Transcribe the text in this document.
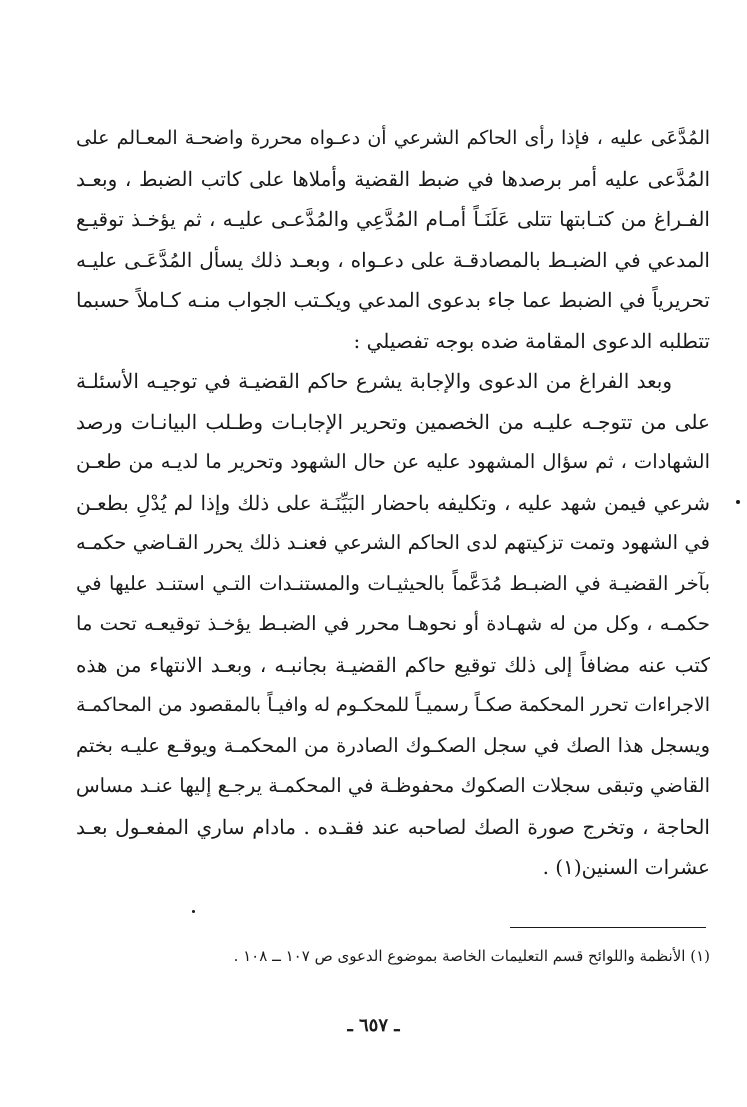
المُدَّعَى عليه ، فإذا رأى الحاكم الشرعي أن دعـواه محررة واضحـة المعـالم على
المُدَّعى عليه أمر برصدها في ضبط القضية وأملاها على كاتب الضبط ، وبعـد
الفـراغ من كتـابتها تتلى عَلَنَـاً أمـام المُدَّعِي والمُدَّعـى عليـه ، ثم يؤخـذ توقيـع
المدعي في الضبـط بالمصادقـة على دعـواه ، وبعـد ذلك يسأل المُدَّعَـى عليـه
تحريرياً في الضبط عما جاء بدعوى المدعي ويكـتب الجواب منـه كـاملاً حسبما
تتطلبه الدعوى المقامة ضده بوجه تفصيلي :
وبعد الفراغ من الدعوى والإجابة يشرع حاكم القضيـة في توجيـه الأسئلـة
على من تتوجـه عليـه من الخصمين وتحرير الإجابـات وطـلب البيانـات ورصد
الشهادات ، ثم سؤال المشهود عليه عن حال الشهود وتحرير ما لديـه من طعـن
شرعي فيمن شهد عليه ، وتكليفه باحضار البَيِّنَـة على ذلك وإذا لم يُدْلِ بطعـن
في الشهود وتمت تزكيتهم لدى الحاكم الشرعي فعنـد ذلك يحرر القـاضي حكمـه
بآخر القضيـة في الضبـط مُدَعَّماً بالحيثيـات والمستنـدات التـي استنـد عليها في
حكمـه ، وكل من له شهـادة أو نحوهـا محرر في الضبـط يؤخـذ توقيعـه تحت ما
كتب عنه مضافاً إلى ذلك توقيع حاكم القضيـة بجانبـه ، وبعـد الانتهاء من هذه
الاجراءات تحرر المحكمة صكـاً رسميـاً للمحكـوم له وافيـاً بالمقصود من المحاكمـة
ويسجل هذا الصك في سجل الصكـوك الصادرة من المحكمـة ويوقـع عليـه بختم
القاضي وتبقى سجلات الصكوك محفوظـة في المحكمـة يرجـع إليها عنـد مساس
الحاجة ، وتخرج صورة الصك لصاحبه عند فقـده . مادام ساري المفعـول بعـد
عشرات السنين(١) .
(١) الأنظمة واللوائح قسم التعليمات الخاصة بموضوع الدعوى ص ١٠٧ ــ ١٠٨ .
ـ ٦٥٧ ـ
